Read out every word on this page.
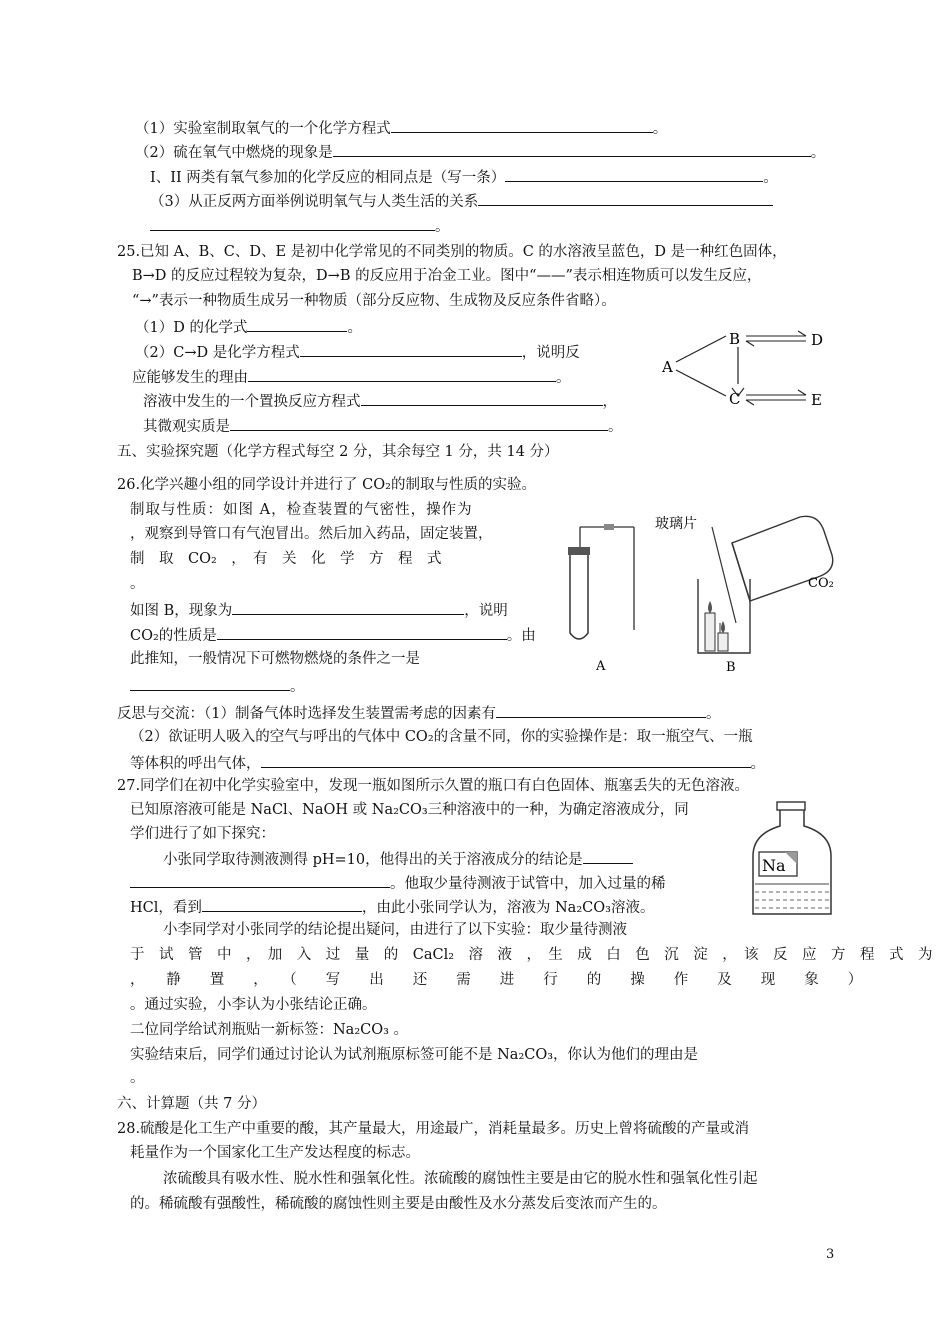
（1）实验室制取氧气的一个化学方程式	。
（2）硫在氧气中燃烧的现象是	。
I、II 两类有氧气参加的化学反应的相同点是（写一条）	。
（3）从正反两方面举例说明氧气与人类生活的关系
。
25.已知 A、B、C、D、E 是初中化学常见的不同类别的物质。C 的水溶液呈蓝色，D 是一种红色固体，
B→D 的反应过程较为复杂，D→B 的反应用于冶金工业。图中“——”表示相连物质可以发生反应，
“→”表示一种物质生成另一种物质（部分反应物、生成物及反应条件省略）。
（1）D 的化学式	。
（2）C→D 是化学方程式	，说明反
应能够发生的理由	。
溶液中发生的一个置换反应方程式	，
其微观实质是	。
A
B	D
C	E
五、实验探究题（化学方程式每空 2 分，其余每空 1 分，共 14 分）
26.化学兴趣小组的同学设计并进行了 CO₂的制取与性质的实验。
制取与性质：如图 A，检查装置的气密性，操作为
，观察到导管口有气泡冒出。然后加入药品，固定装置，
制　取　CO₂　，　有　关　化　学　方　程　式
。
如图 B，现象为	，说明
CO₂的性质是	。由
此推知，一般情况下可燃物燃烧的条件之一是
。
A
玻璃片
CO₂
B
反思与交流：（1）制备气体时选择发生装置需考虑的因素有	。
（2）欲证明人吸入的空气与呼出的气体中 CO₂的含量不同，你的实验操作是：取一瓶空气、一瓶
等体积的呼出气体，	。
27.同学们在初中化学实验室中，发现一瓶如图所示久置的瓶口有白色固体、瓶塞丢失的无色溶液。
已知原溶液可能是 NaCl、NaOH 或 Na₂CO₃三种溶液中的一种，为确定溶液成分，同
学们进行了如下探究：
小张同学取待测液测得 pH=10，他得出的关于溶液成分的结论是
。他取少量待测液于试管中，加入过量的稀
HCl，看到	，由此小张同学认为，溶液为 Na₂CO₃溶液。
小李同学对小张同学的结论提出疑问，由进行了以下实验：取少量待测液
于　试　管　中　，　加　入　过　量　的　CaCl₂　溶　液　，　生　成　白　色　沉　淀　，　该　反　应　方　程　式　为
，　　静　　置　　，　　（　　写　　出　　还　　需　　进　　行　　的　　操　　作　　及　　现　　象　　）
。通过实验，小李认为小张结论正确。
二位同学给试剂瓶贴一新标签：Na₂CO₃ 。
实验结束后，同学们通过讨论认为试剂瓶原标签可能不是 Na₂CO₃，你认为他们的理由是
。
Na
六、计算题（共 7 分）
28.硫酸是化工生产中重要的酸，其产量最大，用途最广，消耗量最多。历史上曾将硫酸的产量或消
耗量作为一个国家化工生产发达程度的标志。
浓硫酸具有吸水性、脱水性和强氧化性。浓硫酸的腐蚀性主要是由它的脱水性和强氧化性引起
的。稀硫酸有强酸性，稀硫酸的腐蚀性则主要是由酸性及水分蒸发后变浓而产生的。
3
